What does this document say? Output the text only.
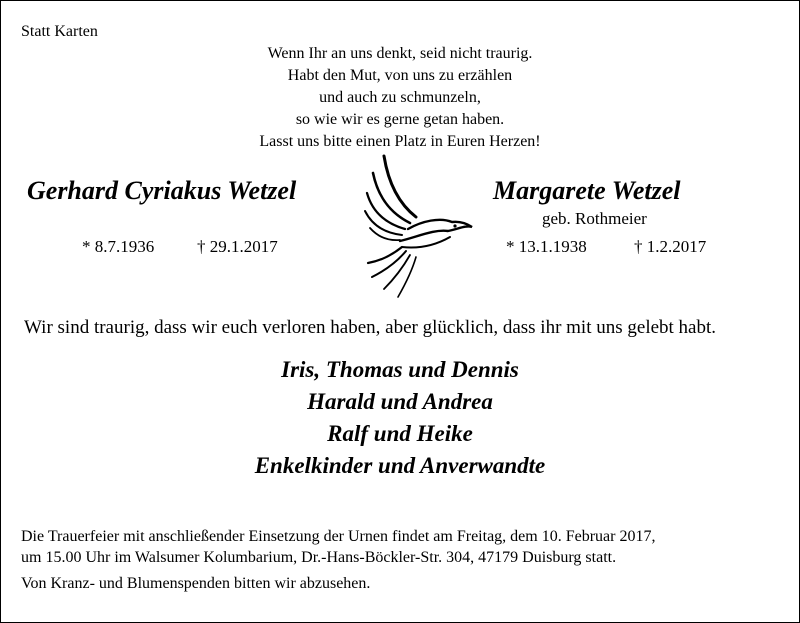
Statt Karten
Wenn Ihr an uns denkt, seid nicht traurig.
Habt den Mut, von uns zu erzählen
und auch zu schmunzeln,
so wie wir es gerne getan haben.
Lasst uns bitte einen Platz in Euren Herzen!
Gerhard Cyriakus Wetzel
* 8.7.1936	† 29.1.2017
Margarete Wetzel
geb. Rothmeier
* 13.1.1938	† 1.2.2017
Wir sind traurig, dass wir euch verloren haben, aber glücklich, dass ihr mit uns gelebt habt.
Iris, Thomas und Dennis
Harald und Andrea
Ralf und Heike
Enkelkinder und Anverwandte
Die Trauerfeier mit anschließender Einsetzung der Urnen findet am Freitag, dem 10. Februar 2017,
um 15.00 Uhr im Walsumer Kolumbarium, Dr.-Hans-Böckler-Str. 304, 47179 Duisburg statt.
Von Kranz- und Blumenspenden bitten wir abzusehen.
